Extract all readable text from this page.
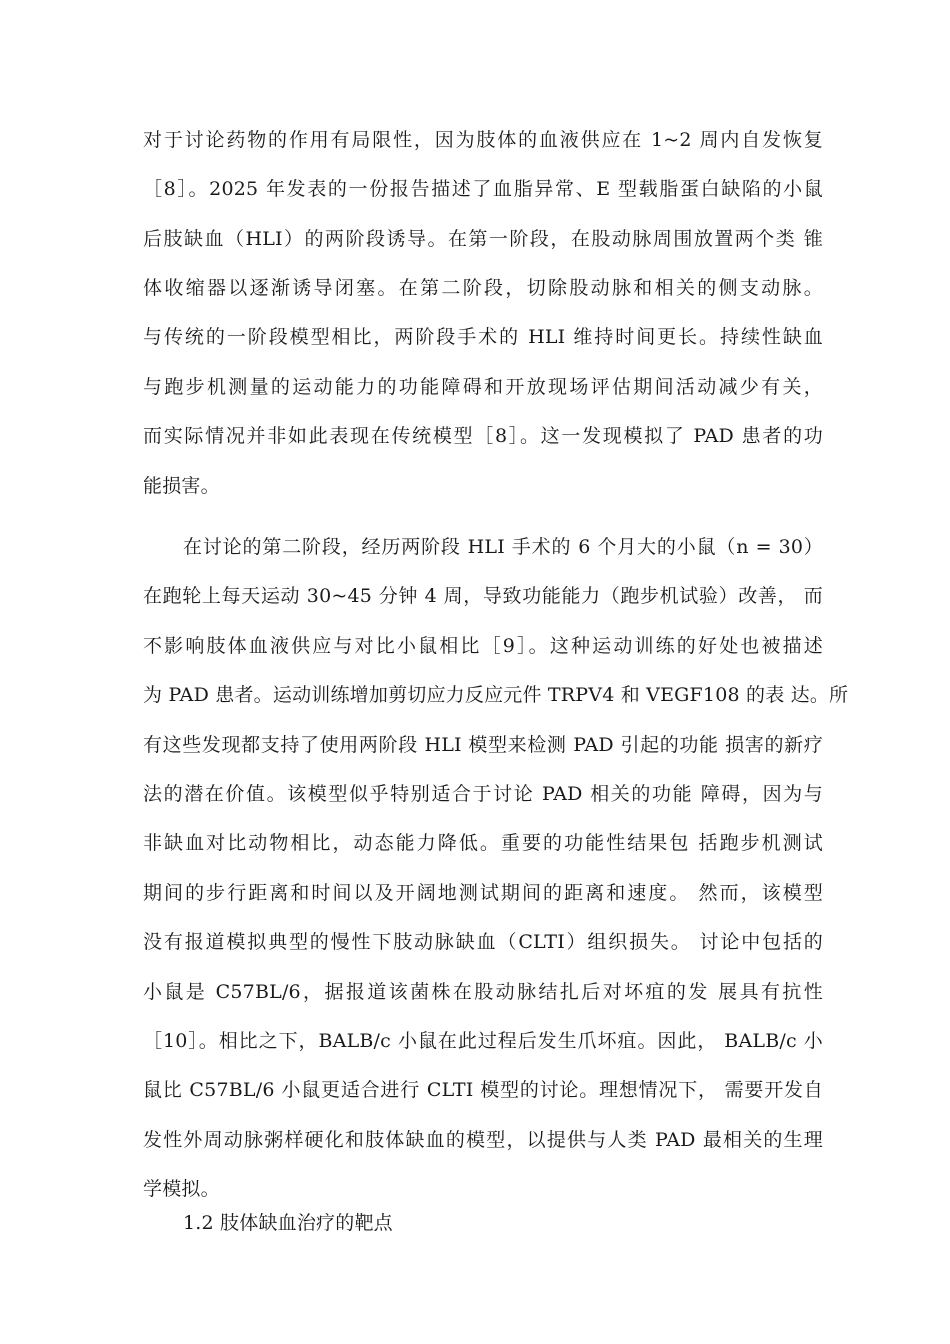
对于讨论药物的作用有局限性，因为肢体的血液供应在 1~2 周内自发恢复
［8］。2025 年发表的一份报告描述了血脂异常、E 型载脂蛋白缺陷的小鼠
后肢缺血（HLI）的两阶段诱导。在第一阶段，在股动脉周围放置两个类 锥
体收缩器以逐渐诱导闭塞。在第二阶段，切除股动脉和相关的侧支动脉。
与传统的一阶段模型相比，两阶段手术的 HLI 维持时间更长。持续性缺血
与跑步机测量的运动能力的功能障碍和开放现场评估期间活动减少有关，
而实际情况并非如此表现在传统模型［8］。这一发现模拟了 PAD 患者的功
能损害。
在讨论的第二阶段，经历两阶段 HLI 手术的 6 个月大的小鼠（n = 30）
在跑轮上每天运动 30~45 分钟 4 周，导致功能能力（跑步机试验）改善， 而
不影响肢体血液供应与对比小鼠相比［9］。这种运动训练的好处也被描述
为 PAD 患者。运动训练增加剪切应力反应元件 TRPV4 和 VEGF108 的表 达。所
有这些发现都支持了使用两阶段 HLI 模型来检测 PAD 引起的功能 损害的新疗
法的潜在价值。该模型似乎特别适合于讨论 PAD 相关的功能 障碍，因为与
非缺血对比动物相比，动态能力降低。重要的功能性结果包 括跑步机测试
期间的步行距离和时间以及开阔地测试期间的距离和速度。 然而，该模型
没有报道模拟典型的慢性下肢动脉缺血（CLTI）组织损失。 讨论中包括的
小鼠是 C57BL/6，据报道该菌株在股动脉结扎后对坏疽的发 展具有抗性
［10］。相比之下，BALB/c 小鼠在此过程后发生爪坏疽。因此， BALB/c 小
鼠比 C57BL/6 小鼠更适合进行 CLTI 模型的讨论。理想情况下， 需要开发自
发性外周动脉粥样硬化和肢体缺血的模型，以提供与人类 PAD 最相关的生理
学模拟。
1.2 肢体缺血治疗的靶点
